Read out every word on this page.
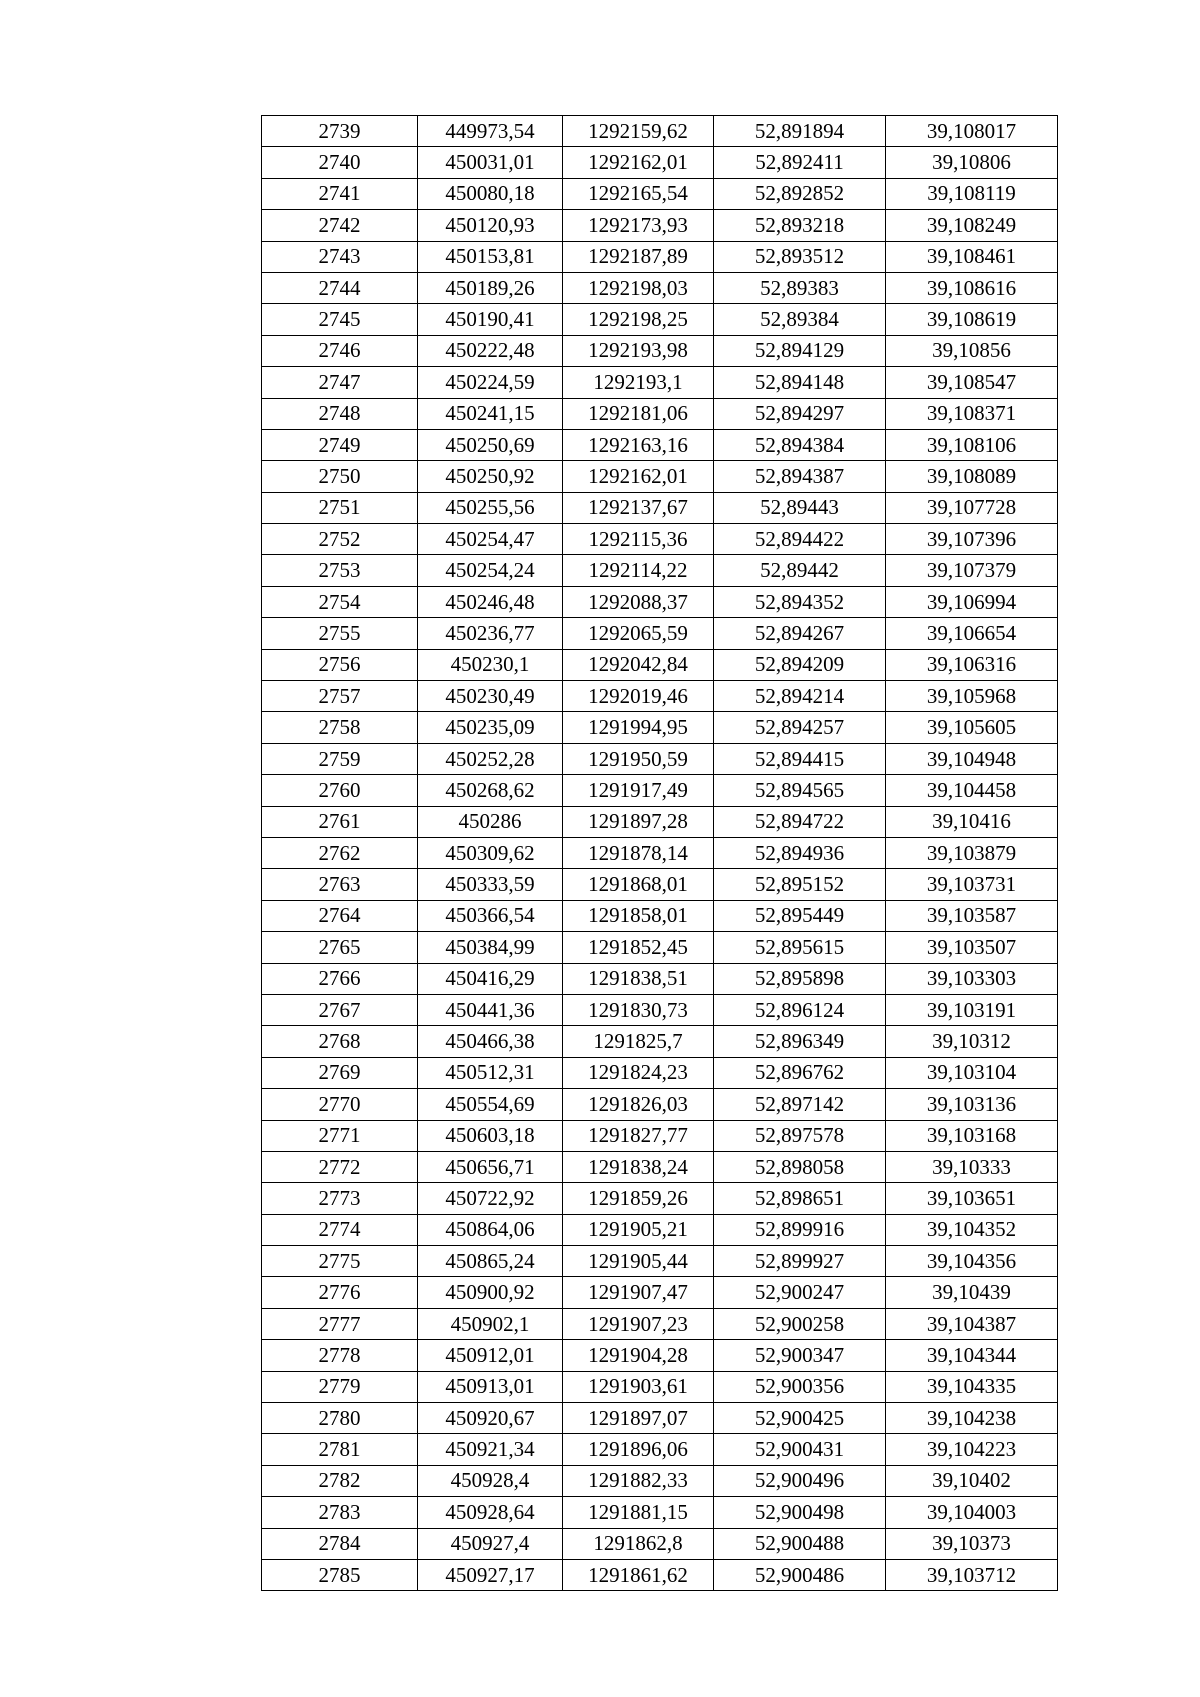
2739	449973,54	1292159,62	52,891894	39,108017
2740	450031,01	1292162,01	52,892411	39,10806
2741	450080,18	1292165,54	52,892852	39,108119
2742	450120,93	1292173,93	52,893218	39,108249
2743	450153,81	1292187,89	52,893512	39,108461
2744	450189,26	1292198,03	52,89383	39,108616
2745	450190,41	1292198,25	52,89384	39,108619
2746	450222,48	1292193,98	52,894129	39,10856
2747	450224,59	1292193,1	52,894148	39,108547
2748	450241,15	1292181,06	52,894297	39,108371
2749	450250,69	1292163,16	52,894384	39,108106
2750	450250,92	1292162,01	52,894387	39,108089
2751	450255,56	1292137,67	52,89443	39,107728
2752	450254,47	1292115,36	52,894422	39,107396
2753	450254,24	1292114,22	52,89442	39,107379
2754	450246,48	1292088,37	52,894352	39,106994
2755	450236,77	1292065,59	52,894267	39,106654
2756	450230,1	1292042,84	52,894209	39,106316
2757	450230,49	1292019,46	52,894214	39,105968
2758	450235,09	1291994,95	52,894257	39,105605
2759	450252,28	1291950,59	52,894415	39,104948
2760	450268,62	1291917,49	52,894565	39,104458
2761	450286	1291897,28	52,894722	39,10416
2762	450309,62	1291878,14	52,894936	39,103879
2763	450333,59	1291868,01	52,895152	39,103731
2764	450366,54	1291858,01	52,895449	39,103587
2765	450384,99	1291852,45	52,895615	39,103507
2766	450416,29	1291838,51	52,895898	39,103303
2767	450441,36	1291830,73	52,896124	39,103191
2768	450466,38	1291825,7	52,896349	39,10312
2769	450512,31	1291824,23	52,896762	39,103104
2770	450554,69	1291826,03	52,897142	39,103136
2771	450603,18	1291827,77	52,897578	39,103168
2772	450656,71	1291838,24	52,898058	39,10333
2773	450722,92	1291859,26	52,898651	39,103651
2774	450864,06	1291905,21	52,899916	39,104352
2775	450865,24	1291905,44	52,899927	39,104356
2776	450900,92	1291907,47	52,900247	39,10439
2777	450902,1	1291907,23	52,900258	39,104387
2778	450912,01	1291904,28	52,900347	39,104344
2779	450913,01	1291903,61	52,900356	39,104335
2780	450920,67	1291897,07	52,900425	39,104238
2781	450921,34	1291896,06	52,900431	39,104223
2782	450928,4	1291882,33	52,900496	39,10402
2783	450928,64	1291881,15	52,900498	39,104003
2784	450927,4	1291862,8	52,900488	39,10373
2785	450927,17	1291861,62	52,900486	39,103712
